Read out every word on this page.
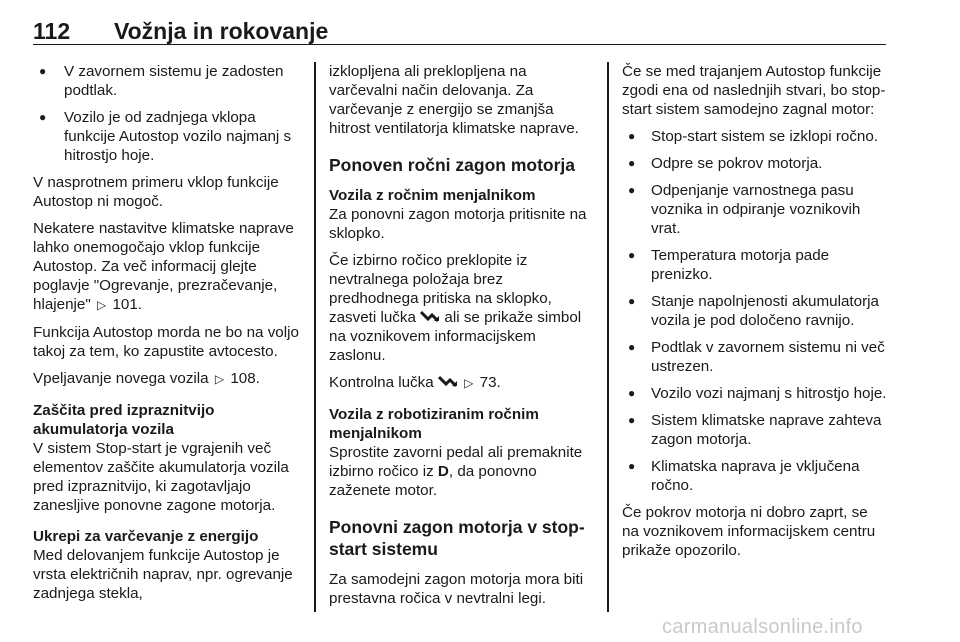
112 Vožnja in rokovanje
● V zavornem sistemu je zadosten podtlak.
● Vozilo je od zadnjega vklopa funkcije Autostop vozilo najmanj s hitrostjo hoje.

V nasprotnem primeru vklop funkcije Autostop ni mogoč.

Nekatere nastavitve klimatske naprave lahko onemogočajo vklop funkcije Autostop. Za več informacij glejte poglavje "Ogrevanje, prezračevanje, hlajenje" ▷ 101.

Funkcija Autostop morda ne bo na voljo takoj za tem, ko zapustite avtocesto.

Vpeljavanje novega vozila ▷ 108.

Zaščita pred izpraznitvijo akumulatorja vozila

V sistem Stop-start je vgrajenih več elementov zaščite akumulatorja vozila pred izpraznitvijo, ki zagotavljajo zanesljive ponovne zagone motorja.

Ukrepi za varčevanje z energijo

Med delovanjem funkcije Autostop je vrsta električnih naprav, npr. ogrevanje zadnjega stekla,

izklopljena ali preklopljena na varčevalni način delovanja. Za varčevanje z energijo se zmanjša hitrost ventilatorja klimatske naprave.

Ponoven ročni zagon motorja
Vozila z ročnim menjalnikom

Za ponovni zagon motorja pritisnite na sklopko.

Če izbirno ročico preklopite iz nevtralnega položaja brez predhodnega pritiska na sklopko, zasveti lučka ali se prikaže simbol na voznikovem informacijskem zaslonu.

Kontrolna lučka	▷ 73.

Vozila z robotiziranim ročnim menjalnikom

Sprostite zavorni pedal ali premaknite izbirno ročico iz D, da ponovno zaženete motor.

Ponovni zagon motorja v stop-start sistemu

Za samodejni zagon motorja mora biti prestavna ročica v nevtralni legi.

Če se med trajanjem Autostop funkcije zgodi ena od naslednjih stvari, bo stop-start sistem samodejno zagnal motor:

● Stop-start sistem se izklopi ročno.
● Odpre se pokrov motorja.
● Odpenjanje varnostnega pasu voznika in odpiranje voznikovih vrat.
● Temperatura motorja pade prenizko.
● Stanje napolnjenosti akumulatorja vozila je pod določeno ravnijo.
● Podtlak v zavornem sistemu ni več ustrezen.
● Vozilo vozi najmanj s hitrostjo hoje.
● Sistem klimatske naprave zahteva zagon motorja.
● Klimatska naprava je vključena ročno.

Če pokrov motorja ni dobro zaprt, se na voznikovem informacijskem centru prikaže opozorilo.

carmanualsonline.info
